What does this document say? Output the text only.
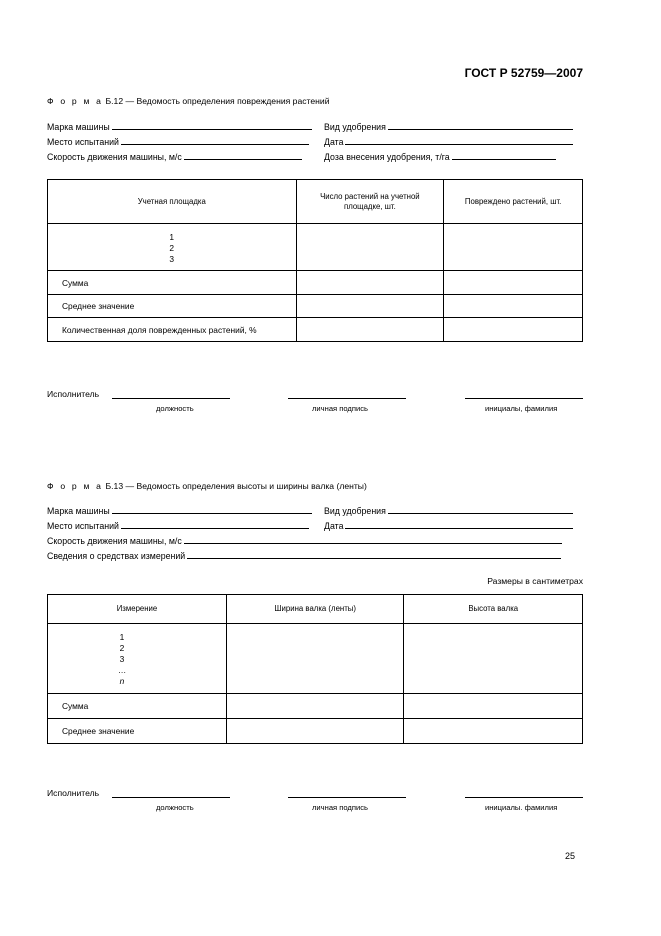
ГОСТ Р 52759—2007
Ф о р м а Б.12 — Ведомость определения повреждения растений
Марка машины	Вид удобрения
Место испытаний	Дата
Скорость движения машины, м/с	Доза внесения удобрения, т/га
Учетная площадка	Число растений на учетной площадке, шт.	Повреждено растений, шт.

1
2
3		

Сумма		
Среднее значение		
Количественная доля поврежденных растений, %		
Исполнитель
должность	личная подпись	инициалы, фамилия
Ф о р м а Б.13 — Ведомость определения высоты и ширины валка (ленты)
Марка машины	Вид удобрения
Место испытаний	Дата
Скорость движения машины, м/с
Сведения о средствах измерений
Размеры в сантиметрах
Измерение	Ширина валка (ленты)	Высота валка

1
2
3
…
n		

Сумма		
Среднее значение		
Исполнитель
должность	личная подпись	инициалы. фамилия
25
